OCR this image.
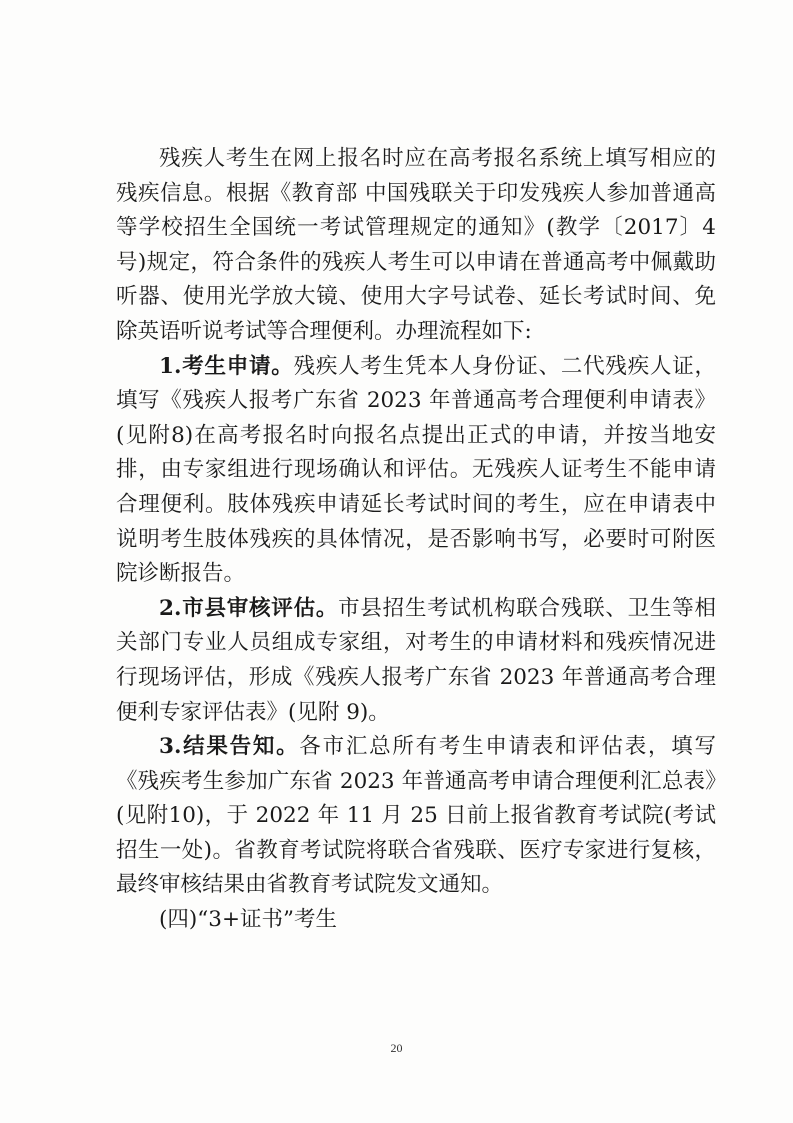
残疾人考生在网上报名时应在高考报名系统上填写相应的残疾信息。根据《教育部 中国残联关于印发残疾人参加普通高等学校招生全国统一考试管理规定的通知》(教学〔2017〕4号)规定，符合条件的残疾人考生可以申请在普通高考中佩戴助听器、使用光学放大镜、使用大字号试卷、延长考试时间、免除英语听说考试等合理便利。办理流程如下:

1.考生申请。残疾人考生凭本人身份证、二代残疾人证，填写《残疾人报考广东省 2023 年普通高考合理便利申请表》(见附8)在高考报名时向报名点提出正式的申请，并按当地安排，由专家组进行现场确认和评估。无残疾人证考生不能申请合理便利。肢体残疾申请延长考试时间的考生，应在申请表中说明考生肢体残疾的具体情况，是否影响书写，必要时可附医院诊断报告。

2.市县审核评估。市县招生考试机构联合残联、卫生等相关部门专业人员组成专家组，对考生的申请材料和残疾情况进行现场评估，形成《残疾人报考广东省 2023 年普通高考合理便利专家评估表》(见附 9)。

3.结果告知。各市汇总所有考生申请表和评估表，填写《残疾考生参加广东省 2023 年普通高考申请合理便利汇总表》(见附10)，于 2022 年 11 月 25 日前上报省教育考试院(考试招生一处)。省教育考试院将联合省残联、医疗专家进行复核，最终审核结果由省教育考试院发文通知。

(四)“3+证书”考生

20
